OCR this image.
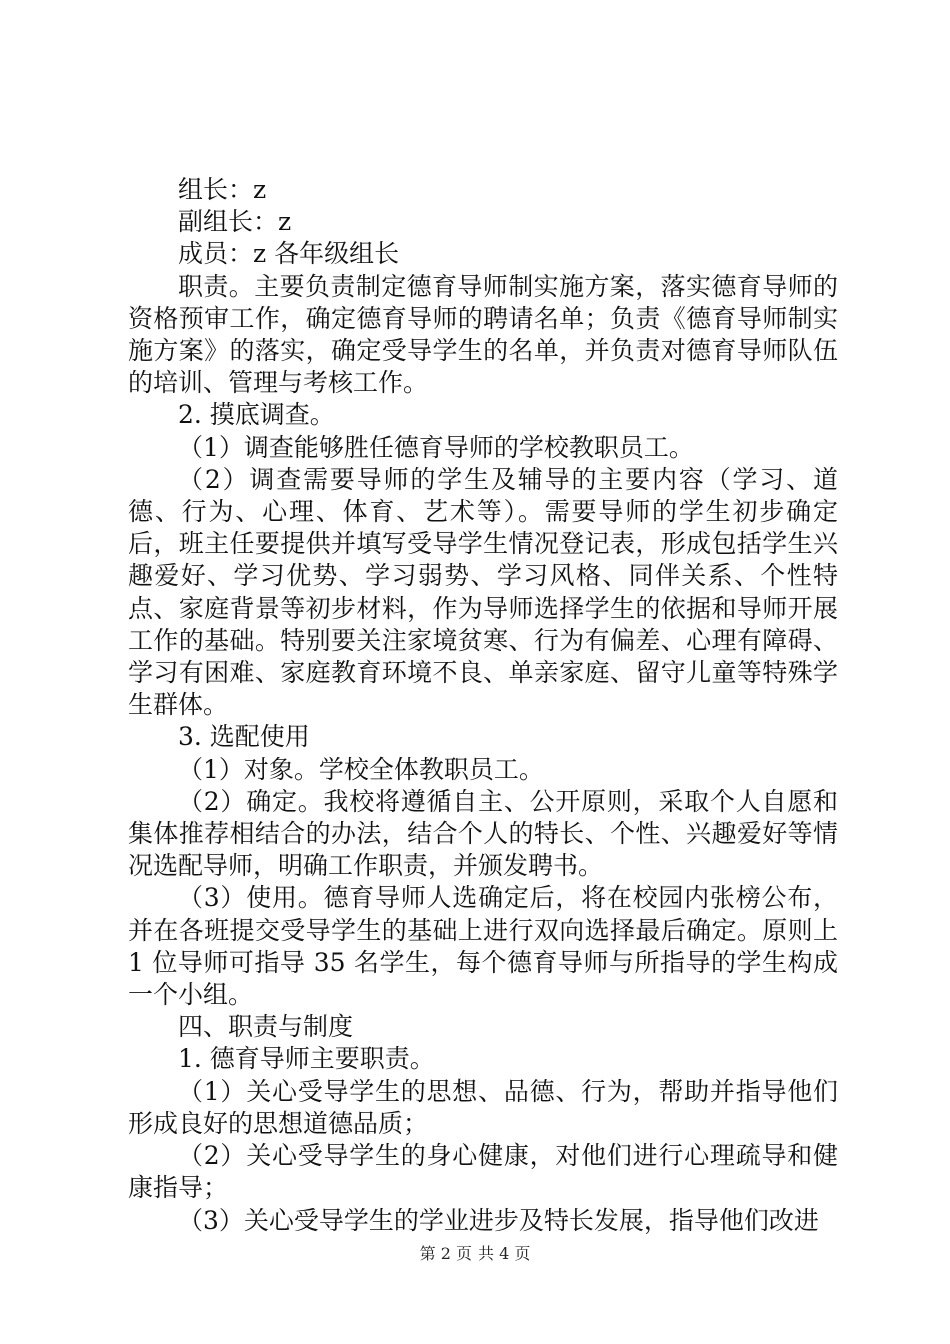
组长：z

副组长：z

成员：z 各年级组长

职责。主要负责制定德育导师制实施方案，落实德育导师的资格预审工作，确定德育导师的聘请名单；负责《德育导师制实施方案》的落实，确定受导学生的名单，并负责对德育导师队伍的培训、管理与考核工作。

2. 摸底调查。

（1）调查能够胜任德育导师的学校教职员工。

（2）调查需要导师的学生及辅导的主要内容（学习、道德、行为、心理、体育、艺术等）。需要导师的学生初步确定后，班主任要提供并填写受导学生情况登记表，形成包括学生兴趣爱好、学习优势、学习弱势、学习风格、同伴关系、个性特点、家庭背景等初步材料，作为导师选择学生的依据和导师开展工作的基础。特别要关注家境贫寒、行为有偏差、心理有障碍、学习有困难、家庭教育环境不良、单亲家庭、留守儿童等特殊学生群体。

3. 选配使用

（1）对象。学校全体教职员工。

（2）确定。我校将遵循自主、公开原则，采取个人自愿和集体推荐相结合的办法，结合个人的特长、个性、兴趣爱好等情况选配导师，明确工作职责，并颁发聘书。

（3）使用。德育导师人选确定后，将在校园内张榜公布，并在各班提交受导学生的基础上进行双向选择最后确定。原则上 1 位导师可指导 35 名学生，每个德育导师与所指导的学生构成一个小组。

四、职责与制度

1. 德育导师主要职责。

（1）关心受导学生的思想、品德、行为，帮助并指导他们形成良好的思想道德品质；

（2）关心受导学生的身心健康，对他们进行心理疏导和健康指导；

（3）关心受导学生的学业进步及特长发展，指导他们改进

第 2 页 共 4 页
